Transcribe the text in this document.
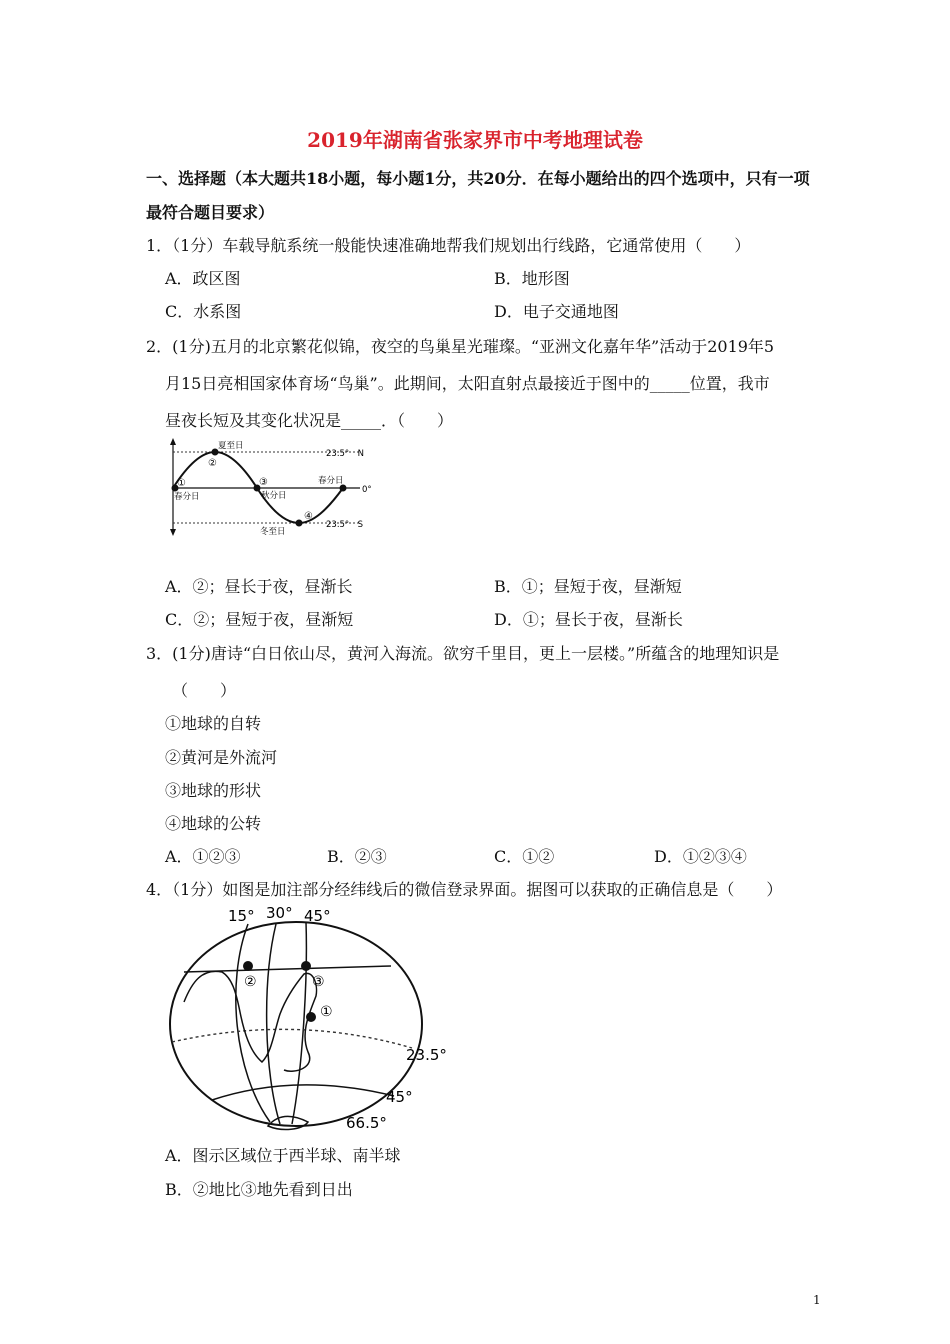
2019年湖南省张家界市中考地理试卷
一、选择题（本大题共18小题，每小题1分，共20分．在每小题给出的四个选项中，只有一项
最符合题目要求）
1．（1分）车载导航系统一般能快速准确地帮我们规划出行线路，它通常使用（　　）
A．政区图	B．地形图
C．水系图	D．电子交通地图
2．(1分)五月的北京繁花似锦，夜空的鸟巢星光璀璨。“亚洲文化嘉年华”活动于2019年5
月15日亮相国家体育场“鸟巢”。此期间，太阳直射点最接近于图中的_____位置，我市
昼夜长短及其变化状况是_____．（　　）
夏至日
②
①
春分日
③
秋分日
春分日
④
冬至日
23.5°　N
0°
23.5°　S
A．②；昼长于夜，昼渐长	B．①；昼短于夜，昼渐短
C．②；昼短于夜，昼渐短	D．①；昼长于夜，昼渐长
3．(1分)唐诗“白日依山尽，黄河入海流。欲穷千里目，更上一层楼。”所蕴含的地理知识是
（　　）
①地球的自转
②黄河是外流河
③地球的形状
④地球的公转
A．①②③	B．②③	C．①②	D．①②③④
4．（1分）如图是加注部分经纬线后的微信登录界面。据图可以获取的正确信息是（　　）
15° 30° 45°
②	③
①
23.5°
45°
66.5°
A．图示区域位于西半球、南半球
B．②地比③地先看到日出
1
